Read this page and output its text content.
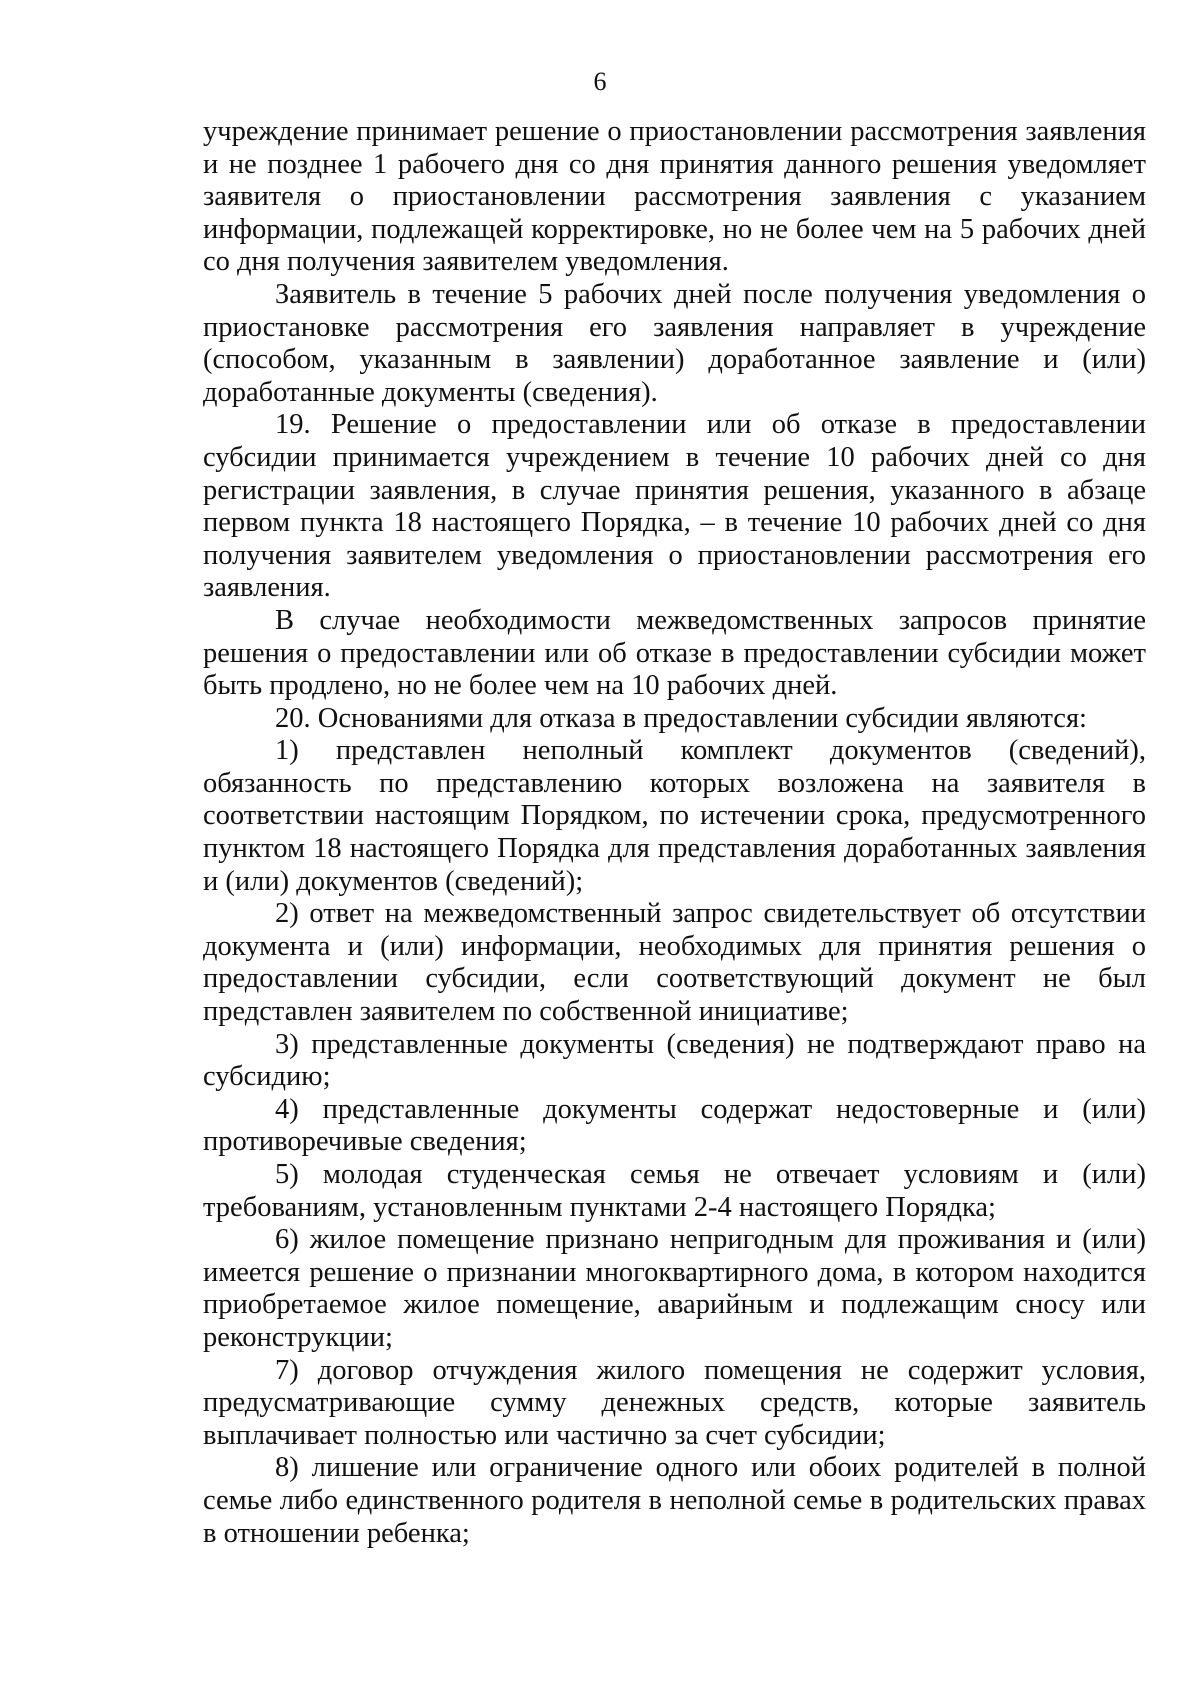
6

учреждение принимает решение о приостановлении рассмотрения заявления и не позднее 1 рабочего дня со дня принятия данного решения уведомляет заявителя о приостановлении рассмотрения заявления с указанием информации, подлежащей корректировке, но не более чем на 5 рабочих дней со дня получения заявителем уведомления.

Заявитель в течение 5 рабочих дней после получения уведомления о приостановке рассмотрения его заявления направляет в учреждение (способом, указанным в заявлении) доработанное заявление и (или) доработанные документы (сведения).

19. Решение о предоставлении или об отказе в предоставлении субсидии принимается учреждением в течение 10 рабочих дней со дня регистрации заявления, в случае принятия решения, указанного в абзаце первом пункта 18 настоящего Порядка, – в течение 10 рабочих дней со дня получения заявителем уведомления о приостановлении рассмотрения его заявления.

В случае необходимости межведомственных запросов принятие решения о предоставлении или об отказе в предоставлении субсидии может быть продлено, но не более чем на 10 рабочих дней.

20. Основаниями для отказа в предоставлении субсидии являются:

1) представлен неполный комплект документов (сведений), обязанность по представлению которых возложена на заявителя в соответствии настоящим Порядком, по истечении срока, предусмотренного пунктом 18 настоящего Порядка для представления доработанных заявления и (или) документов (сведений);

2) ответ на межведомственный запрос свидетельствует об отсутствии документа и (или) информации, необходимых для принятия решения о предоставлении субсидии, если соответствующий документ не был представлен заявителем по собственной инициативе;

3) представленные документы (сведения) не подтверждают право на субсидию;

4) представленные документы содержат недостоверные и (или) противоречивые сведения;

5) молодая студенческая семья не отвечает условиям и (или) требованиям, установленным пунктами 2-4 настоящего Порядка;

6) жилое помещение признано непригодным для проживания и (или) имеется решение о признании многоквартирного дома, в котором находится приобретаемое жилое помещение, аварийным и подлежащим сносу или реконструкции;

7) договор отчуждения жилого помещения не содержит условия, предусматривающие сумму денежных средств, которые заявитель выплачивает полностью или частично за счет субсидии;

8) лишение или ограничение одного или обоих родителей в полной семье либо единственного родителя в неполной семье в родительских правах в отношении ребенка;
